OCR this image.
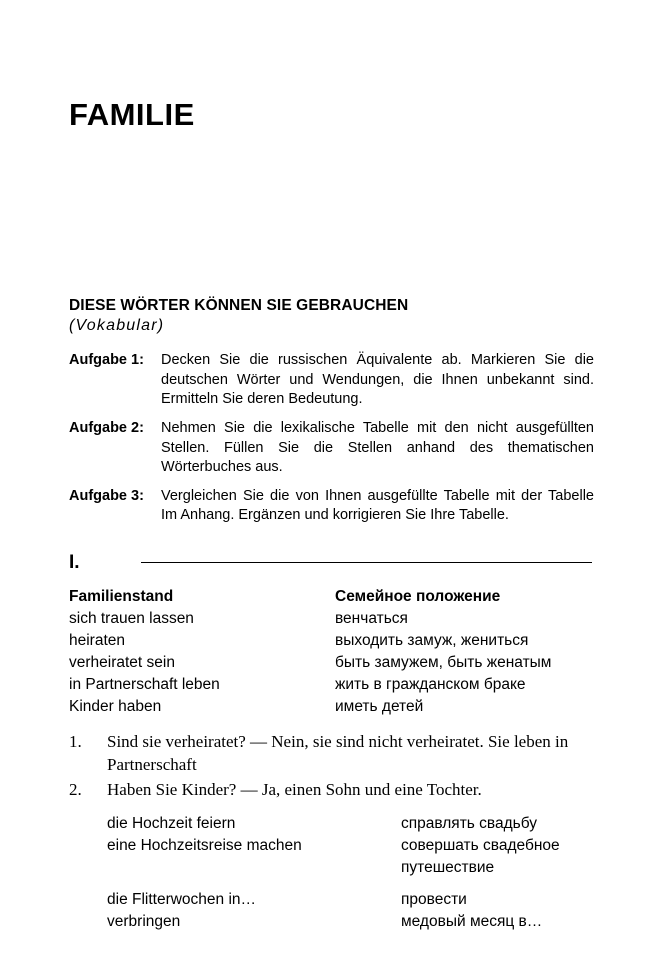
FAMILIE
DIESE WÖRTER KÖNNEN SIE GEBRAUCHEN
(Vokabular)
Aufgabe 1:	Decken Sie die russischen Äquivalente ab. Markieren Sie die deutschen Wörter und Wendungen, die Ihnen unbekannt sind. Ermitteln Sie deren Bedeutung.
Aufgabe 2:	Nehmen Sie die lexikalische Tabelle mit den nicht ausgefüllten Stellen. Füllen Sie die Stellen anhand des thematischen Wörterbuches aus.
Aufgabe 3:	Vergleichen Sie die von Ihnen ausgefüllte Tabelle mit der Tabelle Im Anhang. Ergänzen und korrigieren Sie Ihre Tabelle.
I.
Familienstand	Семейное положение
sich trauen lassen	венчаться
heiraten	выходить замуж, жениться
verheiratet sein	быть замужем, быть женатым
in Partnerschaft leben	жить в гражданском браке
Kinder haben	иметь детей
1.	Sind sie verheiratet? — Nein, sie sind nicht verheiratet. Sie leben in Partnerschaft
2.	Haben Sie Kinder? — Ja, einen Sohn und eine Tochter.
die Hochzeit feiern	справлять свадьбу
eine Hochzeitsreise machen	совершать свадебное
путешествие
die Flitterwochen in…	провести
verbringen	медовый месяц в…
